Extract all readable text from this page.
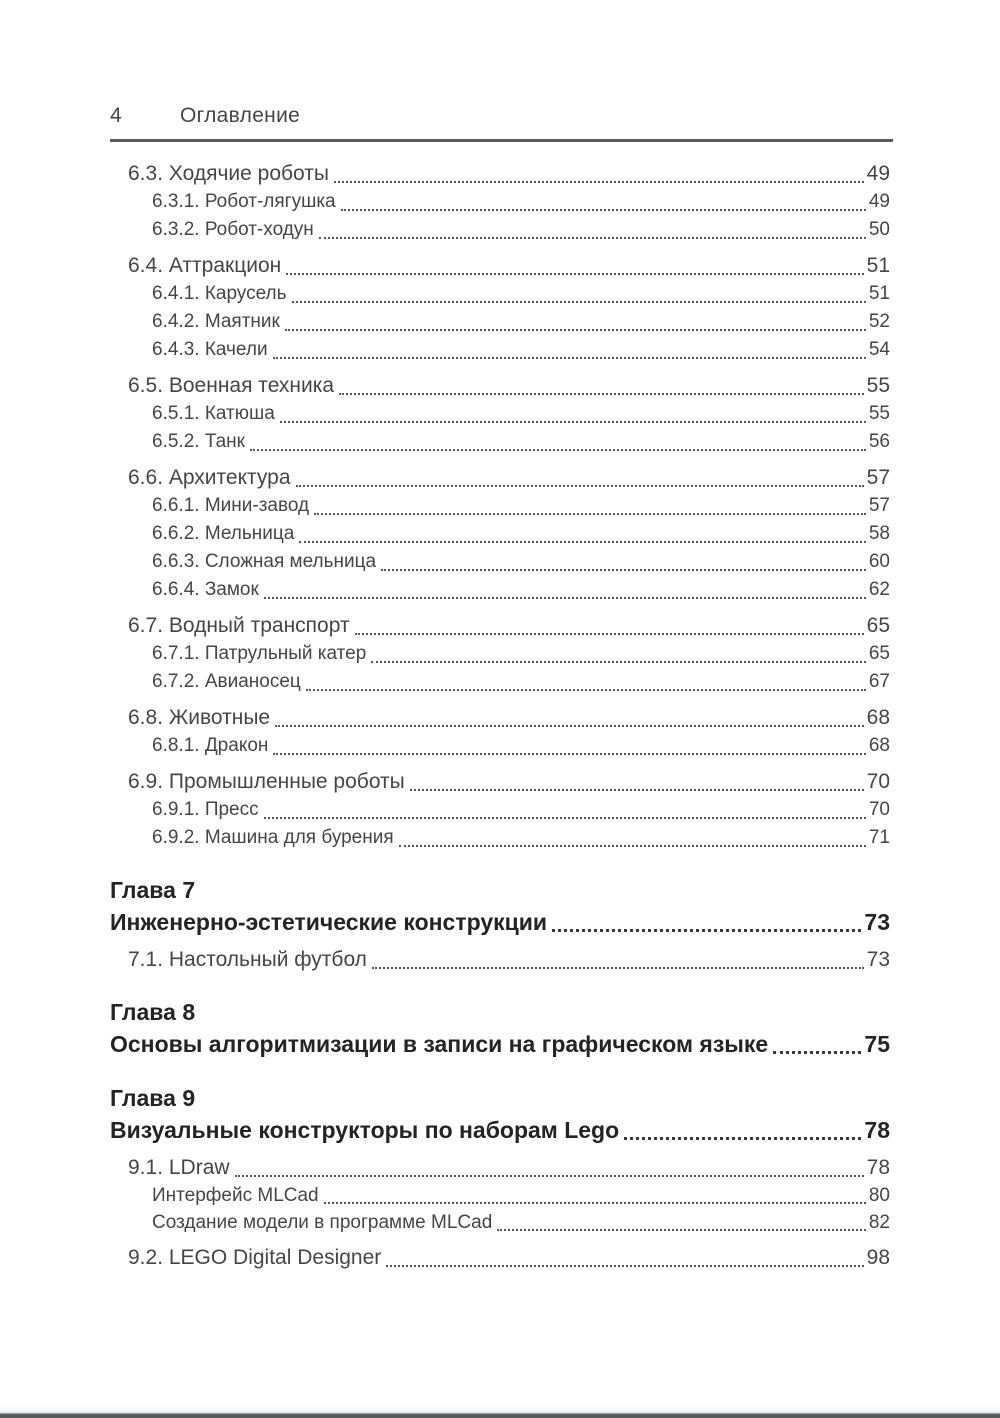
4	Оглавление
6.3. Ходячие роботы	49
6.3.1. Робот-лягушка	49
6.3.2. Робот-ходун	50
6.4. Аттракцион	51
6.4.1. Карусель	51
6.4.2. Маятник	52
6.4.3. Качели	54
6.5. Военная техника	55
6.5.1. Катюша	55
6.5.2. Танк	56
6.6. Архитектура	57
6.6.1. Мини-завод	57
6.6.2. Мельница	58
6.6.3. Сложная мельница	60
6.6.4. Замок	62
6.7. Водный транспорт	65
6.7.1. Патрульный катер	65
6.7.2. Авианосец	67
6.8. Животные	68
6.8.1. Дракон	68
6.9. Промышленные роботы	70
6.9.1. Пресс	70
6.9.2. Машина для бурения	71
Глава 7
Инженерно-эстетические конструкции	73
7.1. Настольный футбол	73
Глава 8
Основы алгоритмизации в записи на графическом языке	75
Глава 9
Визуальные конструкторы по наборам Lego	78
9.1. LDraw	78
Интерфейс MLCad	80
Создание модели в программе MLCad	82
9.2. LEGO Digital Designer	98
